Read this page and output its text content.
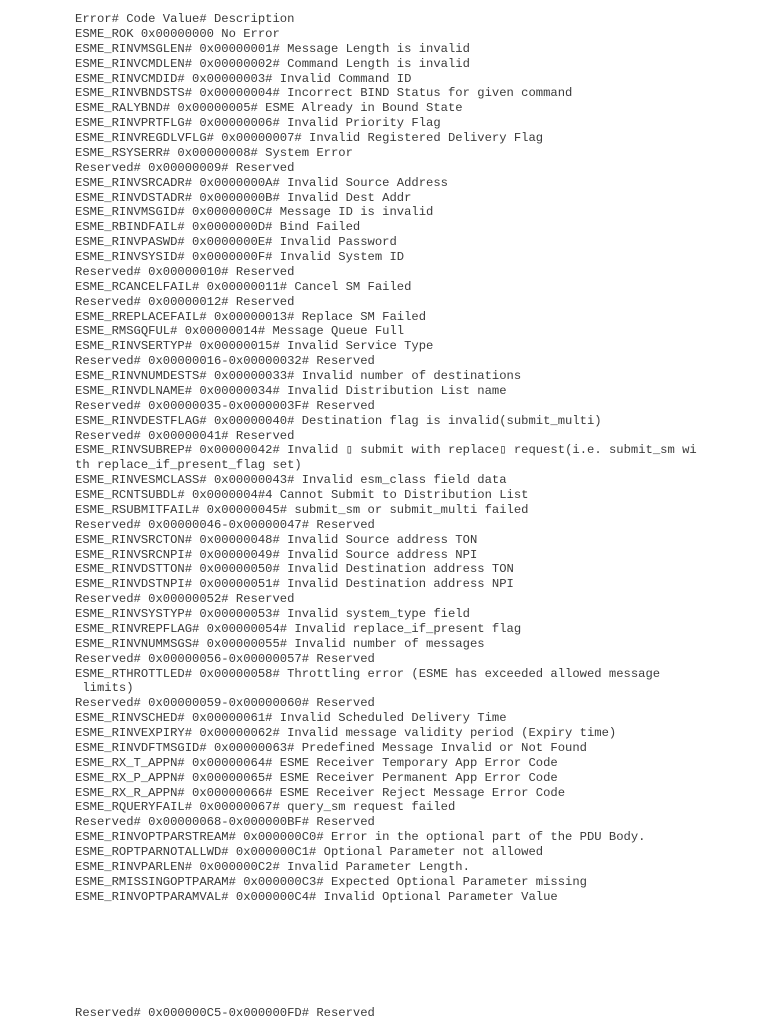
Error# Code Value# Description
ESME_ROK 0x00000000 No Error
ESME_RINVMSGLEN# 0x00000001# Message Length is invalid
ESME_RINVCMDLEN# 0x00000002# Command Length is invalid
ESME_RINVCMDID# 0x00000003# Invalid Command ID
ESME_RINVBNDSTS# 0x00000004# Incorrect BIND Status for given command
ESME_RALYBND# 0x00000005# ESME Already in Bound State
ESME_RINVPRTFLG# 0x00000006# Invalid Priority Flag
ESME_RINVREGDLVFLG# 0x00000007# Invalid Registered Delivery Flag
ESME_RSYSERR# 0x00000008# System Error
Reserved# 0x00000009# Reserved
ESME_RINVSRCADR# 0x0000000A# Invalid Source Address
ESME_RINVDSTADR# 0x0000000B# Invalid Dest Addr
ESME_RINVMSGID# 0x0000000C# Message ID is invalid
ESME_RBINDFAIL# 0x0000000D# Bind Failed
ESME_RINVPASWD# 0x0000000E# Invalid Password
ESME_RINVSYSID# 0x0000000F# Invalid System ID
Reserved# 0x00000010# Reserved
ESME_RCANCELFAIL# 0x00000011# Cancel SM Failed
Reserved# 0x00000012# Reserved
ESME_RREPLACEFAIL# 0x00000013# Replace SM Failed
ESME_RMSGQFUL# 0x00000014# Message Queue Full
ESME_RINVSERTYP# 0x00000015# Invalid Service Type
Reserved# 0x00000016-0x00000032# Reserved
ESME_RINVNUMDESTS# 0x00000033# Invalid number of destinations
ESME_RINVDLNAME# 0x00000034# Invalid Distribution List name
Reserved# 0x00000035-0x0000003F# Reserved
ESME_RINVDESTFLAG# 0x00000040# Destination flag is invalid(submit_multi)
Reserved# 0x00000041# Reserved
ESME_RINVSUBREP# 0x00000042# Invalid ▯ submit with replace▯ request(i.e. submit_sm wi
th replace_if_present_flag set)
ESME_RINVESMCLASS# 0x00000043# Invalid esm_class field data
ESME_RCNTSUBDL# 0x0000004#4 Cannot Submit to Distribution List
ESME_RSUBMITFAIL# 0x00000045# submit_sm or submit_multi failed
Reserved# 0x00000046-0x00000047# Reserved
ESME_RINVSRCTON# 0x00000048# Invalid Source address TON
ESME_RINVSRCNPI# 0x00000049# Invalid Source address NPI
ESME_RINVDSTTON# 0x00000050# Invalid Destination address TON
ESME_RINVDSTNPI# 0x00000051# Invalid Destination address NPI
Reserved# 0x00000052# Reserved
ESME_RINVSYSTYP# 0x00000053# Invalid system_type field
ESME_RINVREPFLAG# 0x00000054# Invalid replace_if_present flag
ESME_RINVNUMMSGS# 0x00000055# Invalid number of messages
Reserved# 0x00000056-0x00000057# Reserved
ESME_RTHROTTLED# 0x00000058# Throttling error (ESME has exceeded allowed message
limits)
Reserved# 0x00000059-0x00000060# Reserved
ESME_RINVSCHED# 0x00000061# Invalid Scheduled Delivery Time
ESME_RINVEXPIRY# 0x00000062# Invalid message validity period (Expiry time)
ESME_RINVDFTMSGID# 0x00000063# Predefined Message Invalid or Not Found
ESME_RX_T_APPN# 0x00000064# ESME Receiver Temporary App Error Code
ESME_RX_P_APPN# 0x00000065# ESME Receiver Permanent App Error Code
ESME_RX_R_APPN# 0x00000066# ESME Receiver Reject Message Error Code
ESME_RQUERYFAIL# 0x00000067# query_sm request failed
Reserved# 0x00000068-0x000000BF# Reserved
ESME_RINVOPTPARSTREAM# 0x000000C0# Error in the optional part of the PDU Body.
ESME_ROPTPARNOTALLWD# 0x000000C1# Optional Parameter not allowed
ESME_RINVPARLEN# 0x000000C2# Invalid Parameter Length.
ESME_RMISSINGOPTPARAM# 0x000000C3# Expected Optional Parameter missing
ESME_RINVOPTPARAMVAL# 0x000000C4# Invalid Optional Parameter Value
Reserved# 0x000000C5-0x000000FD# Reserved
